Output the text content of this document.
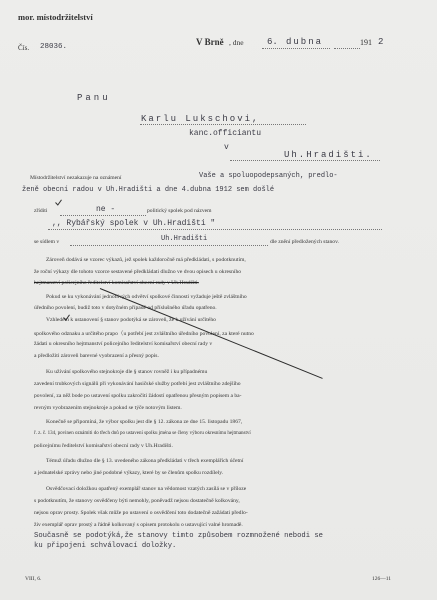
mor. místodržitelství
Čís. 28036.	V Brně , dne	6. dubna	191 2
Panu
Karlu Lukschovi,
kanc.officiantu
v
Uh.Hradišti.
Místodržitelství nezakazuje na oznámení	Vaše a spoluopodepsaných, predlo-
ženě obecní radou v Uh.Hradišti a dne 4.dubna 1912 sem došlé
zříditi	ne -	politický spolek pod názvem
,, Rybářský spolek v Uh.Hradišti "
se sídlem v	Uh.Hradišti	dle znění předložených stanov.
Zároveň dodává se vzorec výkazů, jež spolek každoročně má předkládati, s podotknutím,
že roční výkazy dle tohoto vzorce sestavené předkládati dlužno ve dvou opisech u okresního
hejtmanství policejního ředitelství komisařství obecní rady v Uh.Hradišti.
Pokud se ku vykonávání jednotlivých odvětví spolkové činnosti vyžaduje ještě zvláštního
úředního povolení, budiž toto v dotyčném případě od příslušného úřadu opatřeno.
Vzhledem k ustanovení § stanov podotýká se zároveň, že k užívání určitého
spolkového odznaku a určitého prapo（u potřebí jest zvláštního úředního povolení, za které nutno
žádati u okresního hejtmanství policejního ředitelství komisařství obecní rady v
a předložiti zároveň barevné vyobrazení a přesný popis.
Ku užívání spolkového stejnokroje dle § stanov rovněž i ku případnému
zavedení trubkových signálů při vykonávání hasičské služby potřebí jest zvláštního zdejšího
povolení, za něž bode po ustavení spolku zakročiti žádostí opatřenou přesným popisem a ba-
revným vyobrazením stejnokroje a pokud se týče notovým listem.
Konečně se připomíná, že výbor spolku jest dle § 12. zákona ze dne 15. listopadu 1867,
ř. z. č. 134, povinen oznámiti do třech dnů po ustavení spolku jména se členy výboru okresnímu hejtmanství
policejnímu ředitelství komisařství obecní rady v Uh.Hradišti.
Témuž úřadu dlužno dle § 13. uvedeného zákona předkládati v třech exemplářích účetní
a jednatelské zprávy nebo jiné podobné výkazy, které by se členům spolku rozdílely.
Osvědčovací doložkou opatřený exemplář stanov na vědomost vzatých zasílá se v příloze
s podotknutím, že stanovy osvědčeny býti nemohly, poněvadž nejsou dostatečně kolkovány,
nejsou oprav prosty. Spolek však může po ustavení o osvědčení toto dodatečně zažádati předlo-
živ exemplář oprav prostý a řádně kolkovaný s opisem protokolu o ustavující valné hromadě.
Současně se podotýká,že stanovy timto způsobem rozmnožené nebodi se
ku připojeni schválovací doložky.
VIII, 6.	126—11
